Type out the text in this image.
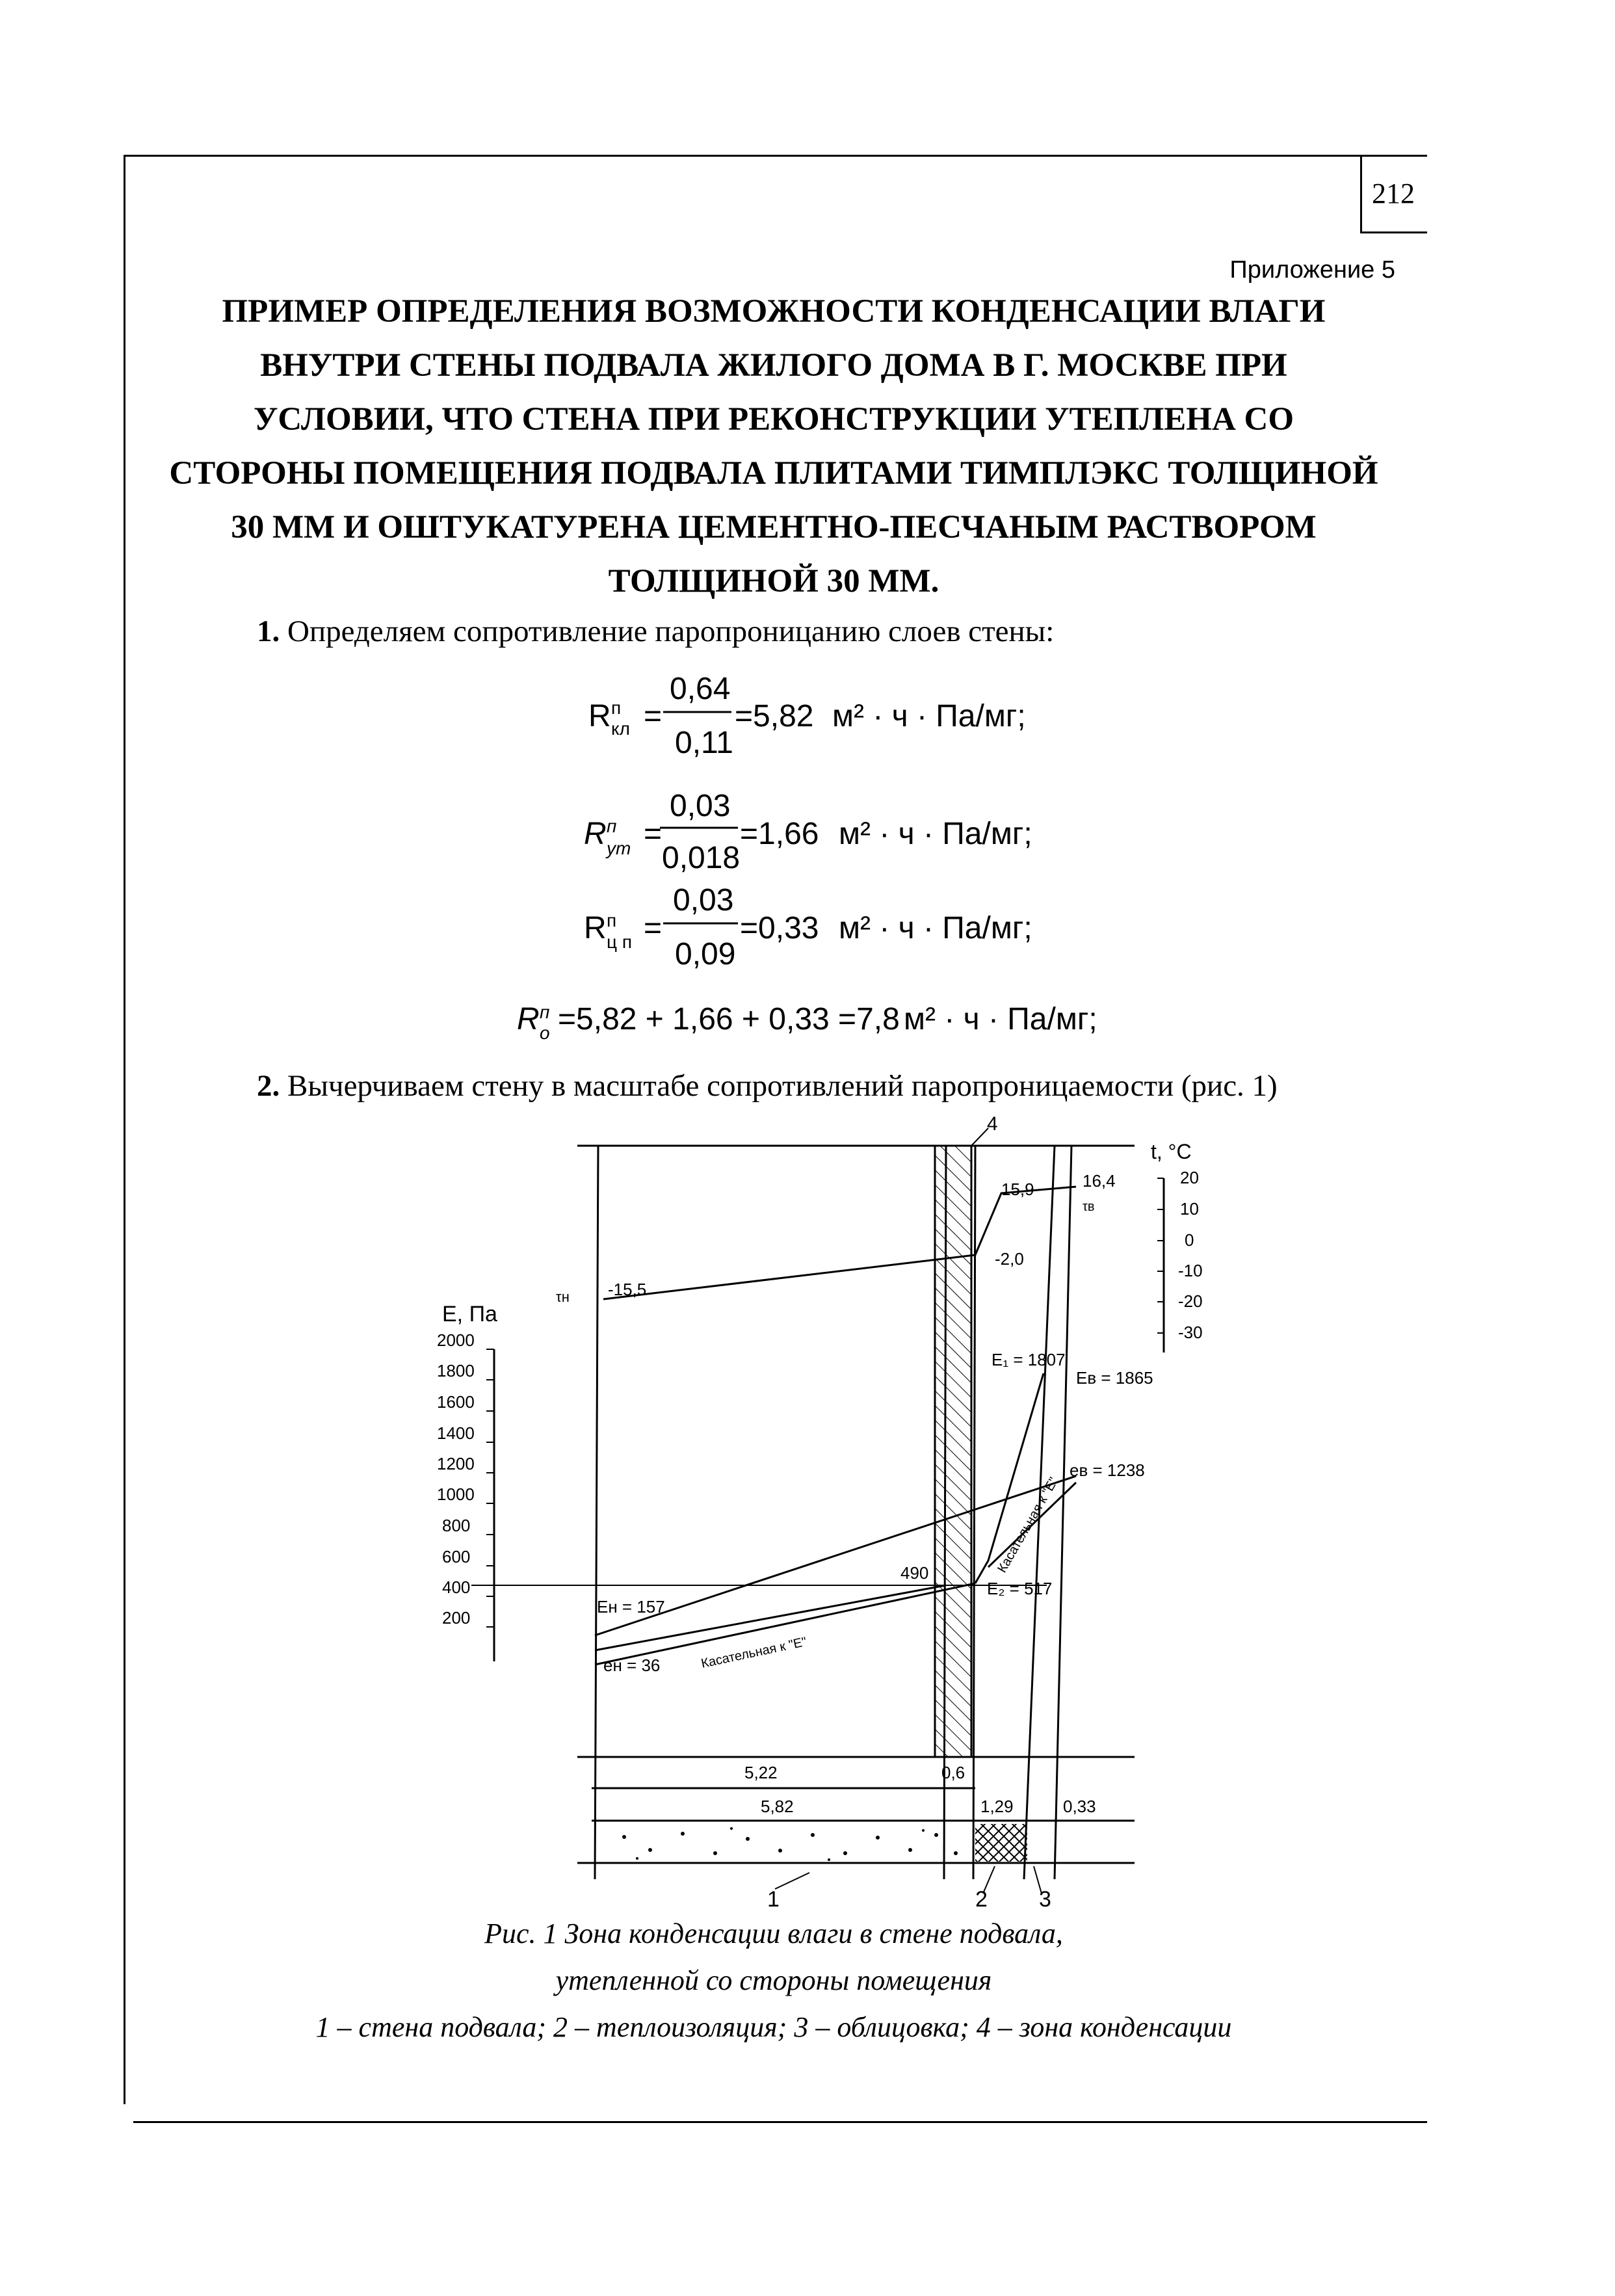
212
Приложение 5
ПРИМЕР ОПРЕДЕЛЕНИЯ ВОЗМОЖНОСТИ КОНДЕНСАЦИИ ВЛАГИ
ВНУТРИ СТЕНЫ ПОДВАЛА ЖИЛОГО ДОМА В Г. МОСКВЕ ПРИ
УСЛОВИИ, ЧТО СТЕНА ПРИ РЕКОНСТРУКЦИИ УТЕПЛЕНА СО
СТОРОНЫ ПОМЕЩЕНИЯ ПОДВАЛА ПЛИТАМИ ТИМПЛЭКС ТОЛЩИНОЙ
30 ММ И ОШТУКАТУРЕНА ЦЕМЕНТНО-ПЕСЧАНЫМ РАСТВОРОМ
ТОЛЩИНОЙ 30 ММ.
1. Определяем сопротивление паропроницанию слоев стены:
R п
кл =
0,64
0,11
=5,82 м² · ч · Па/мг;
R п
ут =
0,03
0,018
=1,66 м² · ч · Па/мг;
R п
ц п =
0,03
0,09
=0,33 м² · ч · Па/мг;
R п
о =5,82 + 1,66 + 0,33 =7,8 м² · ч · Па/мг;
2. Вычерчиваем стену в масштабе сопротивлений паропроницаемости (рис. 1)
E, Па
2000
1800
1600
1400
1200
1000
800
600
400
200
t, °C
20
10
0
-10
-20
-30
τн -15,5
-2,0
15,9	16,4
τв
E₁ = 1807
Eв = 1865
eв = 1238
490
Eн = 157
E₂ = 517
eн = 36	Касательная к "E"
Касательная к "E"
5,22	0,6
5,82	1,29	0,33
1	2 3
4
Рис. 1 Зона конденсации влаги в стене подвала,
утепленной со стороны помещения
1 – стена подвала; 2 – теплоизоляция; 3 – облицовка; 4 – зона конденсации
